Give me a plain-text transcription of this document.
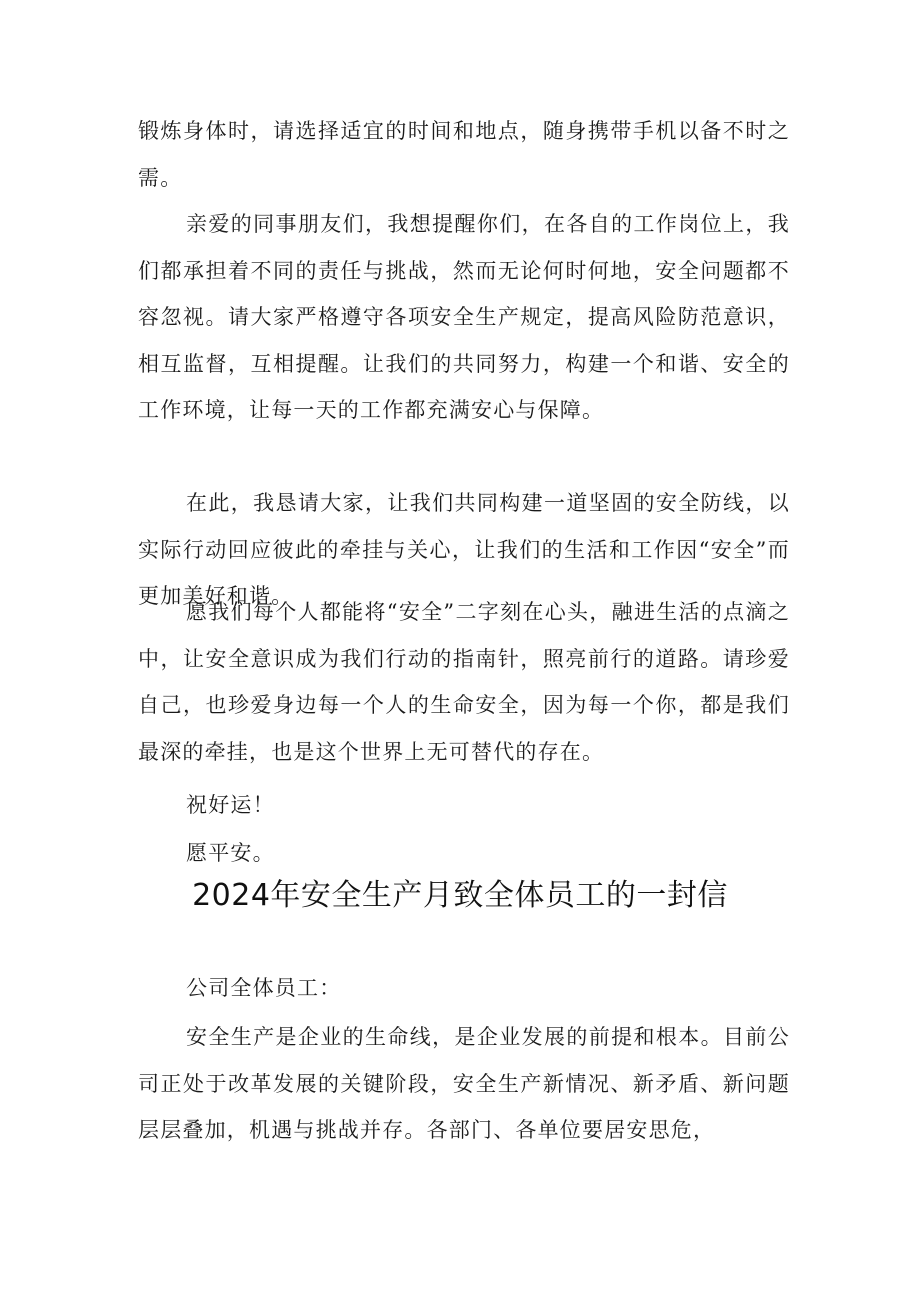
锻炼身体时，请选择适宜的时间和地点，随身携带手机以备不时之需。

亲爱的同事朋友们，我想提醒你们，在各自的工作岗位上，我们都承担着不同的责任与挑战，然而无论何时何地，安全问题都不容忽视。请大家严格遵守各项安全生产规定，提高风险防范意识，相互监督，互相提醒。让我们的共同努力，构建一个和谐、安全的工作环境，让每一天的工作都充满安心与保障。

在此，我恳请大家，让我们共同构建一道坚固的安全防线，以实际行动回应彼此的牵挂与关心，让我们的生活和工作因“安全”而更加美好和谐。

愿我们每个人都能将“安全”二字刻在心头，融进生活的点滴之中，让安全意识成为我们行动的指南针，照亮前行的道路。请珍爱自己，也珍爱身边每一个人的生命安全，因为每一个你，都是我们最深的牵挂，也是这个世界上无可替代的存在。

祝好运！

愿平安。

2024年安全生产月致全体员工的一封信

公司全体员工：

安全生产是企业的生命线，是企业发展的前提和根本。目前公司正处于改革发展的关键阶段，安全生产新情况、新矛盾、新问题层层叠加，机遇与挑战并存。各部门、各单位要居安思危，
